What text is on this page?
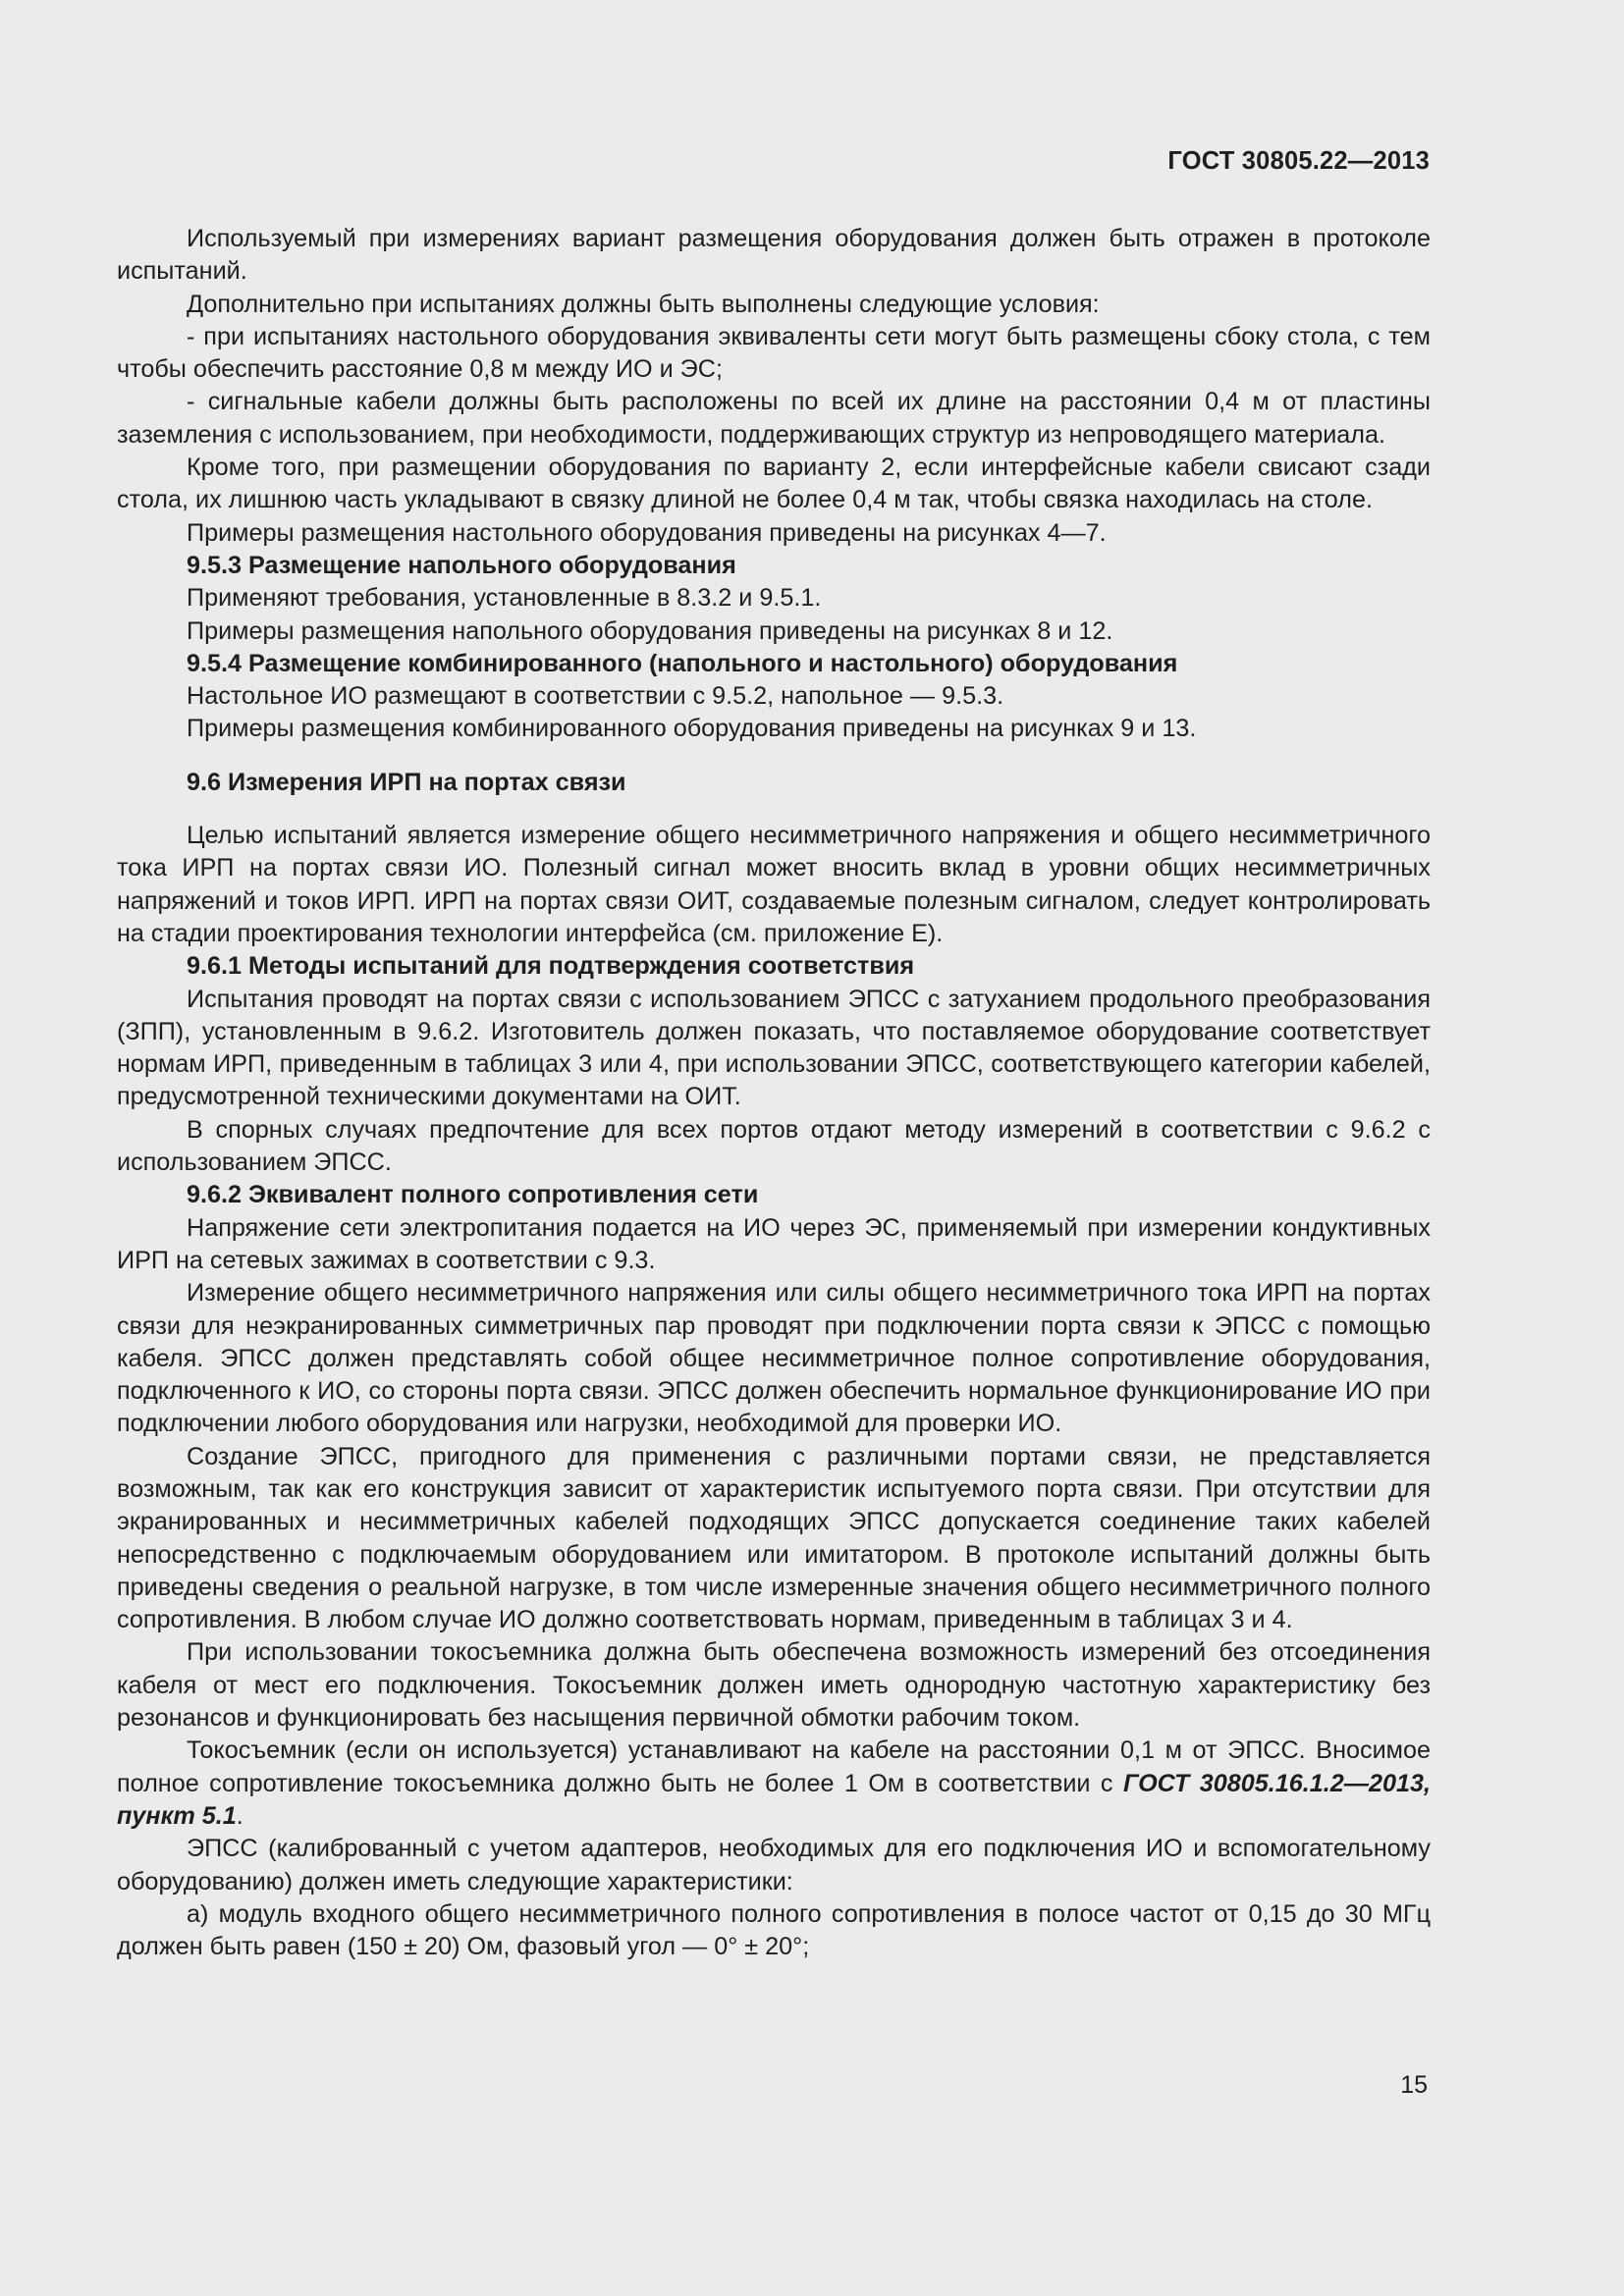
ГОСТ 30805.22—2013

Используемый при измерениях вариант размещения оборудования должен быть отражен в протоколе испытаний.

Дополнительно при испытаниях должны быть выполнены следующие условия:

- при испытаниях настольного оборудования эквиваленты сети могут быть размещены сбоку стола, с тем чтобы обеспечить расстояние 0,8 м между ИО и ЭС;

- сигнальные кабели должны быть расположены по всей их длине на расстоянии 0,4 м от пластины заземления с использованием, при необходимости, поддерживающих структур из непроводящего материала.

Кроме того, при размещении оборудования по варианту 2, если интерфейсные кабели свисают сзади стола, их лишнюю часть укладывают в связку длиной не более 0,4 м так, чтобы связка находилась на столе.

Примеры размещения настольного оборудования приведены на рисунках 4—7.

9.5.3 Размещение напольного оборудования

Применяют требования, установленные в 8.3.2 и 9.5.1.

Примеры размещения напольного оборудования приведены на рисунках 8 и 12.

9.5.4 Размещение комбинированного (напольного и настольного) оборудования

Настольное ИО размещают в соответствии с 9.5.2, напольное — 9.5.3.

Примеры размещения комбинированного оборудования приведены на рисунках 9 и 13.

9.6 Измерения ИРП на портах связи

Целью испытаний является измерение общего несимметричного напряжения и общего несимметричного тока ИРП на портах связи ИО. Полезный сигнал может вносить вклад в уровни общих несимметричных напряжений и токов ИРП. ИРП на портах связи ОИТ, создаваемые полезным сигналом, следует контролировать на стадии проектирования технологии интерфейса (см. приложение Е).

9.6.1 Методы испытаний для подтверждения соответствия

Испытания проводят на портах связи с использованием ЭПСС с затуханием продольного преобразования (ЗПП), установленным в 9.6.2. Изготовитель должен показать, что поставляемое оборудование соответствует нормам ИРП, приведенным в таблицах 3 или 4, при использовании ЭПСС, соответствующего категории кабелей, предусмотренной техническими документами на ОИТ.

В спорных случаях предпочтение для всех портов отдают методу измерений в соответствии с 9.6.2 с использованием ЭПСС.

9.6.2 Эквивалент полного сопротивления сети

Напряжение сети электропитания подается на ИО через ЭС, применяемый при измерении кондуктивных ИРП на сетевых зажимах в соответствии с 9.3.

Измерение общего несимметричного напряжения или силы общего несимметричного тока ИРП на портах связи для неэкранированных симметричных пар проводят при подключении порта связи к ЭПСС с помощью кабеля. ЭПСС должен представлять собой общее несимметричное полное сопротивление оборудования, подключенного к ИО, со стороны порта связи. ЭПСС должен обеспечить нормальное функционирование ИО при подключении любого оборудования или нагрузки, необходимой для проверки ИО.

Создание ЭПСС, пригодного для применения с различными портами связи, не представляется возможным, так как его конструкция зависит от характеристик испытуемого порта связи. При отсутствии для экранированных и несимметричных кабелей подходящих ЭПСС допускается соединение таких кабелей непосредственно с подключаемым оборудованием или имитатором. В протоколе испытаний должны быть приведены сведения о реальной нагрузке, в том числе измеренные значения общего несимметричного полного сопротивления. В любом случае ИО должно соответствовать нормам, приведенным в таблицах 3 и 4.

При использовании токосъемника должна быть обеспечена возможность измерений без отсоединения кабеля от мест его подключения. Токосъемник должен иметь однородную частотную характеристику без резонансов и функционировать без насыщения первичной обмотки рабочим током.

Токосъемник (если он используется) устанавливают на кабеле на расстоянии 0,1 м от ЭПСС. Вносимое полное сопротивление токосъемника должно быть не более 1 Ом в соответствии с ГОСТ 30805.16.1.2—2013, пункт 5.1.

ЭПСС (калиброванный с учетом адаптеров, необходимых для его подключения ИО и вспомогательному оборудованию) должен иметь следующие характеристики:

а) модуль входного общего несимметричного полного сопротивления в полосе частот от 0,15 до 30 МГц должен быть равен (150 ± 20) Ом, фазовый угол — 0° ± 20°;

15
